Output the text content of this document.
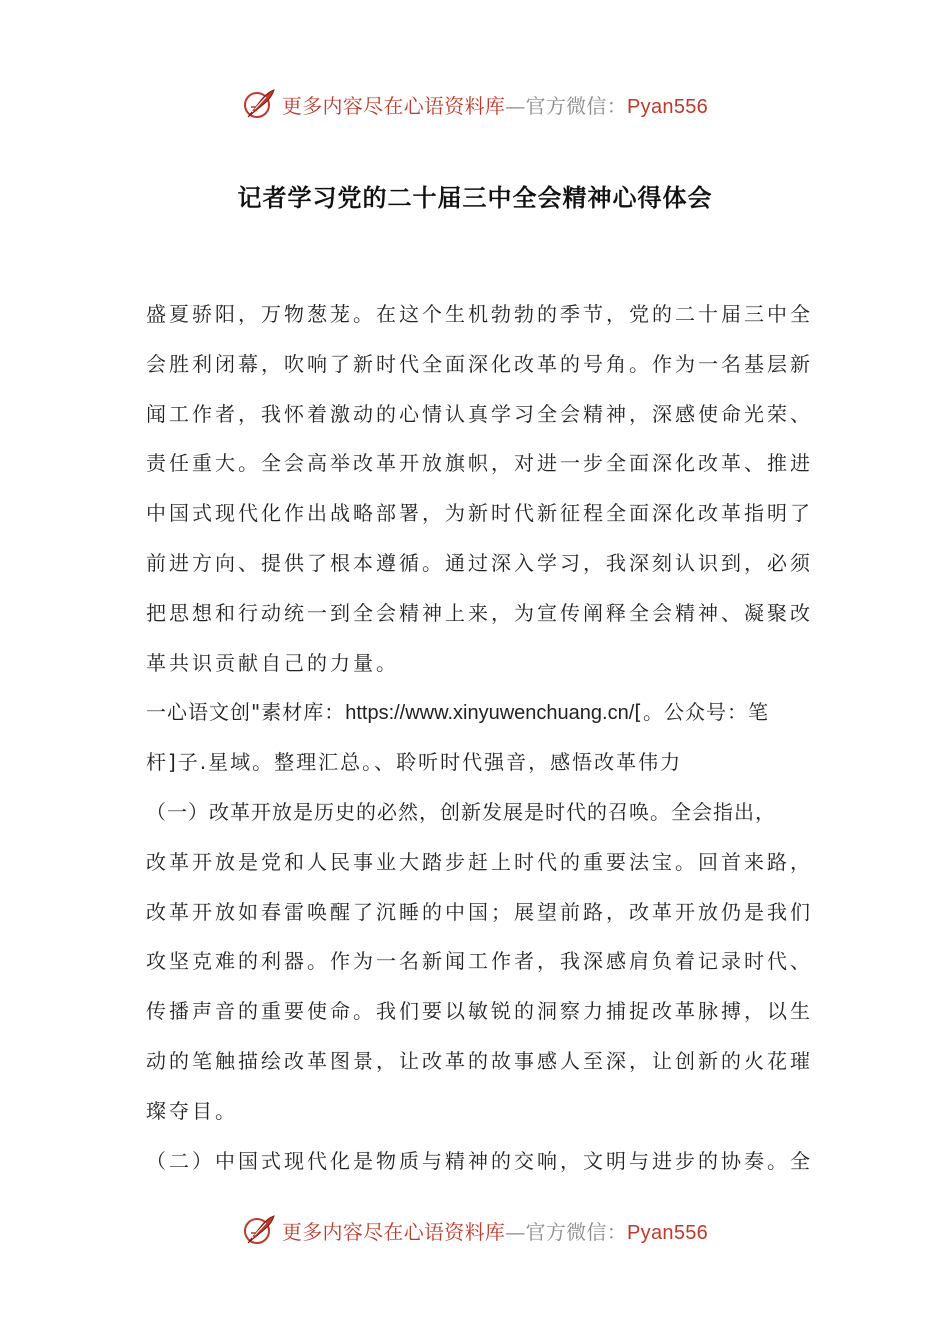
更多内容尽在心语资料库—官方微信：Pyan556
记者学习党的二十届三中全会精神心得体会
盛夏骄阳，万物葱茏。在这个生机勃勃的季节，党的二十届三中全
会胜利闭幕，吹响了新时代全面深化改革的号角。作为一名基层新
闻工作者，我怀着激动的心情认真学习全会精神，深感使命光荣、
责任重大。全会高举改革开放旗帜，对进一步全面深化改革、推进
中国式现代化作出战略部署，为新时代新征程全面深化改革指明了
前进方向、提供了根本遵循。通过深入学习，我深刻认识到，必须
把思想和行动统一到全会精神上来，为宣传阐释全会精神、凝聚改
革共识贡献自己的力量。
一心语文创"素材库：https://www.xinyuwenchuang.cn/[。公众号：笔
杆]子.星域。整理汇总。、聆听时代强音，感悟改革伟力
（一）改革开放是历史的必然，创新发展是时代的召唤。全会指出，
改革开放是党和人民事业大踏步赶上时代的重要法宝。回首来路，
改革开放如春雷唤醒了沉睡的中国；展望前路，改革开放仍是我们
攻坚克难的利器。作为一名新闻工作者，我深感肩负着记录时代、
传播声音的重要使命。我们要以敏锐的洞察力捕捉改革脉搏，以生
动的笔触描绘改革图景，让改革的故事感人至深，让创新的火花璀
璨夺目。
（二）中国式现代化是物质与精神的交响，文明与进步的协奏。全
更多内容尽在心语资料库—官方微信：Pyan556
